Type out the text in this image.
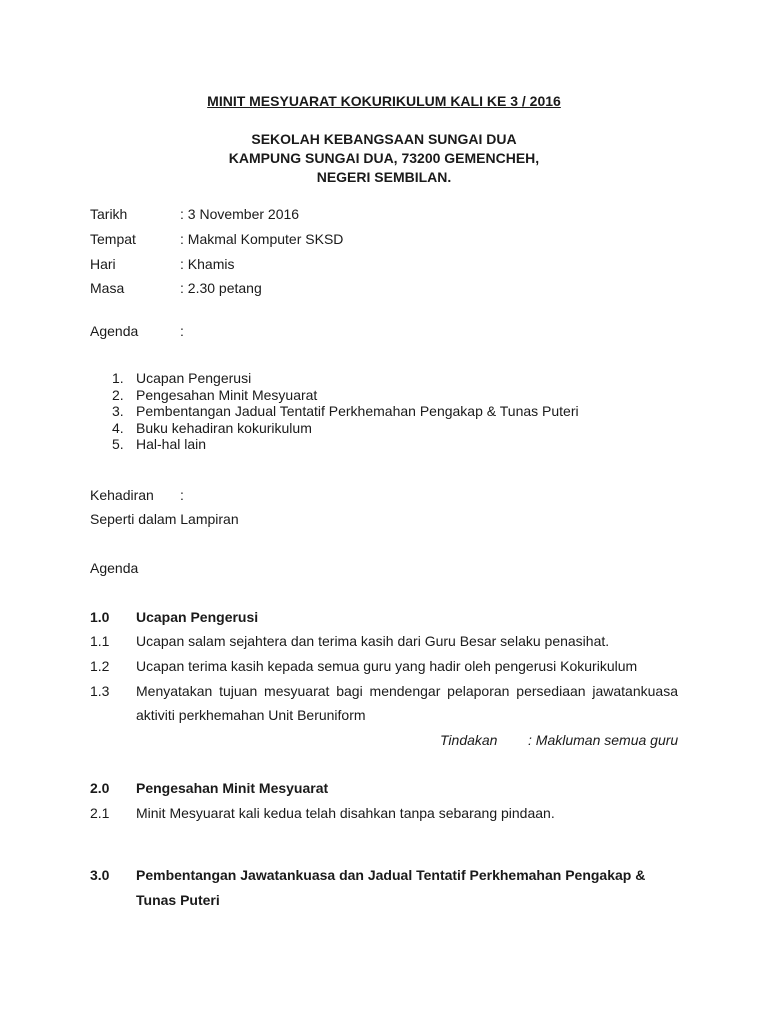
MINIT MESYUARAT KOKURIKULUM KALI KE 3 / 2016
SEKOLAH KEBANGSAAN SUNGAI DUA
KAMPUNG SUNGAI DUA, 73200 GEMENCHEH,
NEGERI SEMBILAN.
Tarikh	: 3 November 2016
Tempat	: Makmal Komputer SKSD
Hari	: Khamis
Masa	: 2.30 petang
Agenda	:
1. Ucapan Pengerusi
2. Pengesahan Minit Mesyuarat
3. Pembentangan Jadual Tentatif Perkhemahan Pengakap & Tunas Puteri
4. Buku kehadiran kokurikulum
5. Hal-hal lain
Kehadiran :
Seperti dalam Lampiran
Agenda
1.0 Ucapan Pengerusi
1.1 Ucapan salam sejahtera dan terima kasih dari Guru Besar selaku penasihat.
1.2 Ucapan terima kasih kepada semua guru yang hadir oleh pengerusi Kokurikulum
1.3 Menyatakan tujuan mesyuarat bagi mendengar pelaporan persediaan jawatankuasa
aktiviti perkhemahan Unit Beruniform
Tindakan : Makluman semua guru
2.0 Pengesahan Minit Mesyuarat
2.1 Minit Mesyuarat kali kedua telah disahkan tanpa sebarang pindaan.
3.0 Pembentangan Jawatankuasa dan Jadual Tentatif Perkhemahan Pengakap &
Tunas Puteri
